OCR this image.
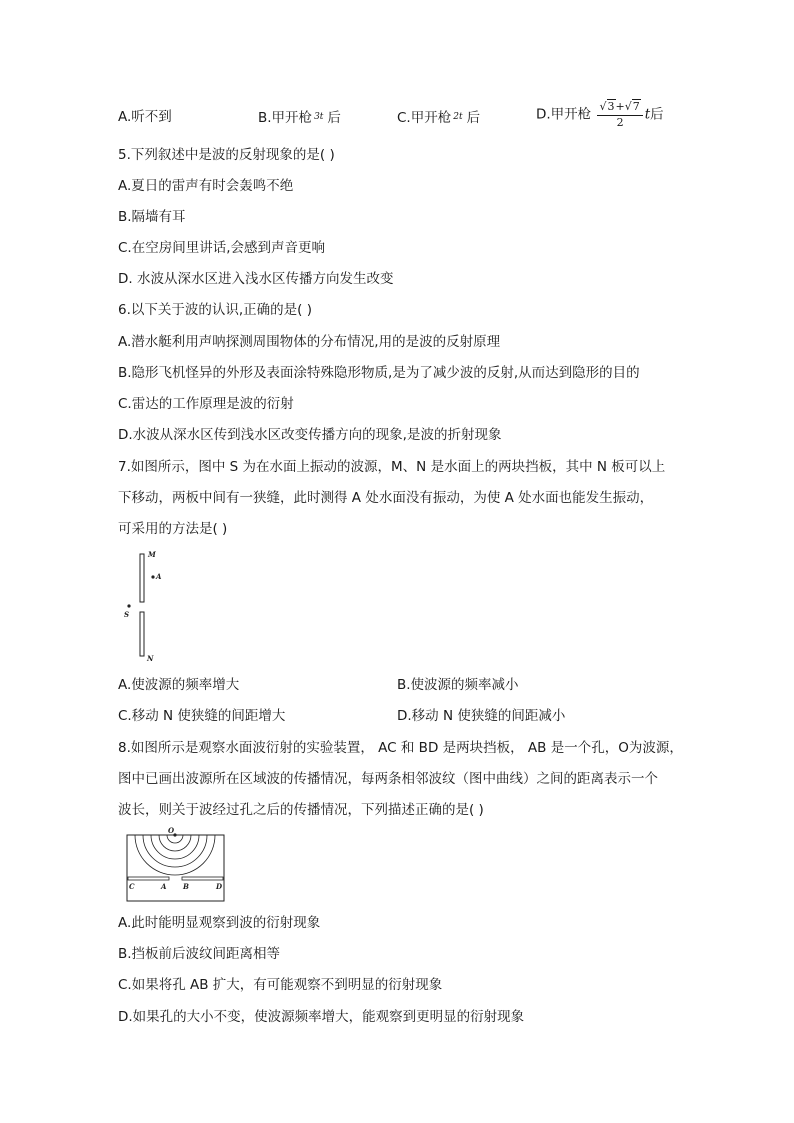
A.听不到	B.甲开枪 $^{3t}$ 后	C.甲开枪 $^{2t}$ 后	D.甲开枪 $\frac{√3+√7}{2}$ t后
5.下列叙述中是波的反射现象的是( )
A.夏日的雷声有时会轰鸣不绝
B.隔墙有耳
C.在空房间里讲话,会感到声音更响
D. 水波从深水区进入浅水区传播方向发生改变
6.以下关于波的认识,正确的是( )
A.潜水艇利用声呐探测周围物体的分布情况,用的是波的反射原理
B.隐形飞机怪异的外形及表面涂特殊隐形物质,是为了减少波的反射,从而达到隐形的目的
C.雷达的工作原理是波的衍射
D.水波从深水区传到浅水区改变传播方向的现象,是波的折射现象
7.如图所示，图中 S 为在水面上振动的波源，M、N 是水面上的两块挡板，其中 N 板可以上
下移动，两板中间有一狭缝，此时测得 A 处水面没有振动，为使 A 处水面也能发生振动，
可采用的方法是( )
M
A
S
N
A.使波源的频率增大	B.使波源的频率减小
C.移动 N 使狭缝的间距增大	D.移动 N 使狭缝的间距减小
8.如图所示是观察水面波衍射的实验装置， AC 和 BD 是两块挡板， AB 是一个孔，O为波源，
图中已画出波源所在区域波的传播情况，每两条相邻波纹（图中曲线）之间的距离表示一个
波长，则关于波经过孔之后的传播情况，下列描述正确的是( )
O
C	A B	D
A.此时能明显观察到波的衍射现象
B.挡板前后波纹间距离相等
C.如果将孔 AB 扩大，有可能观察不到明显的衍射现象
D.如果孔的大小不变，使波源频率增大，能观察到更明显的衍射现象
